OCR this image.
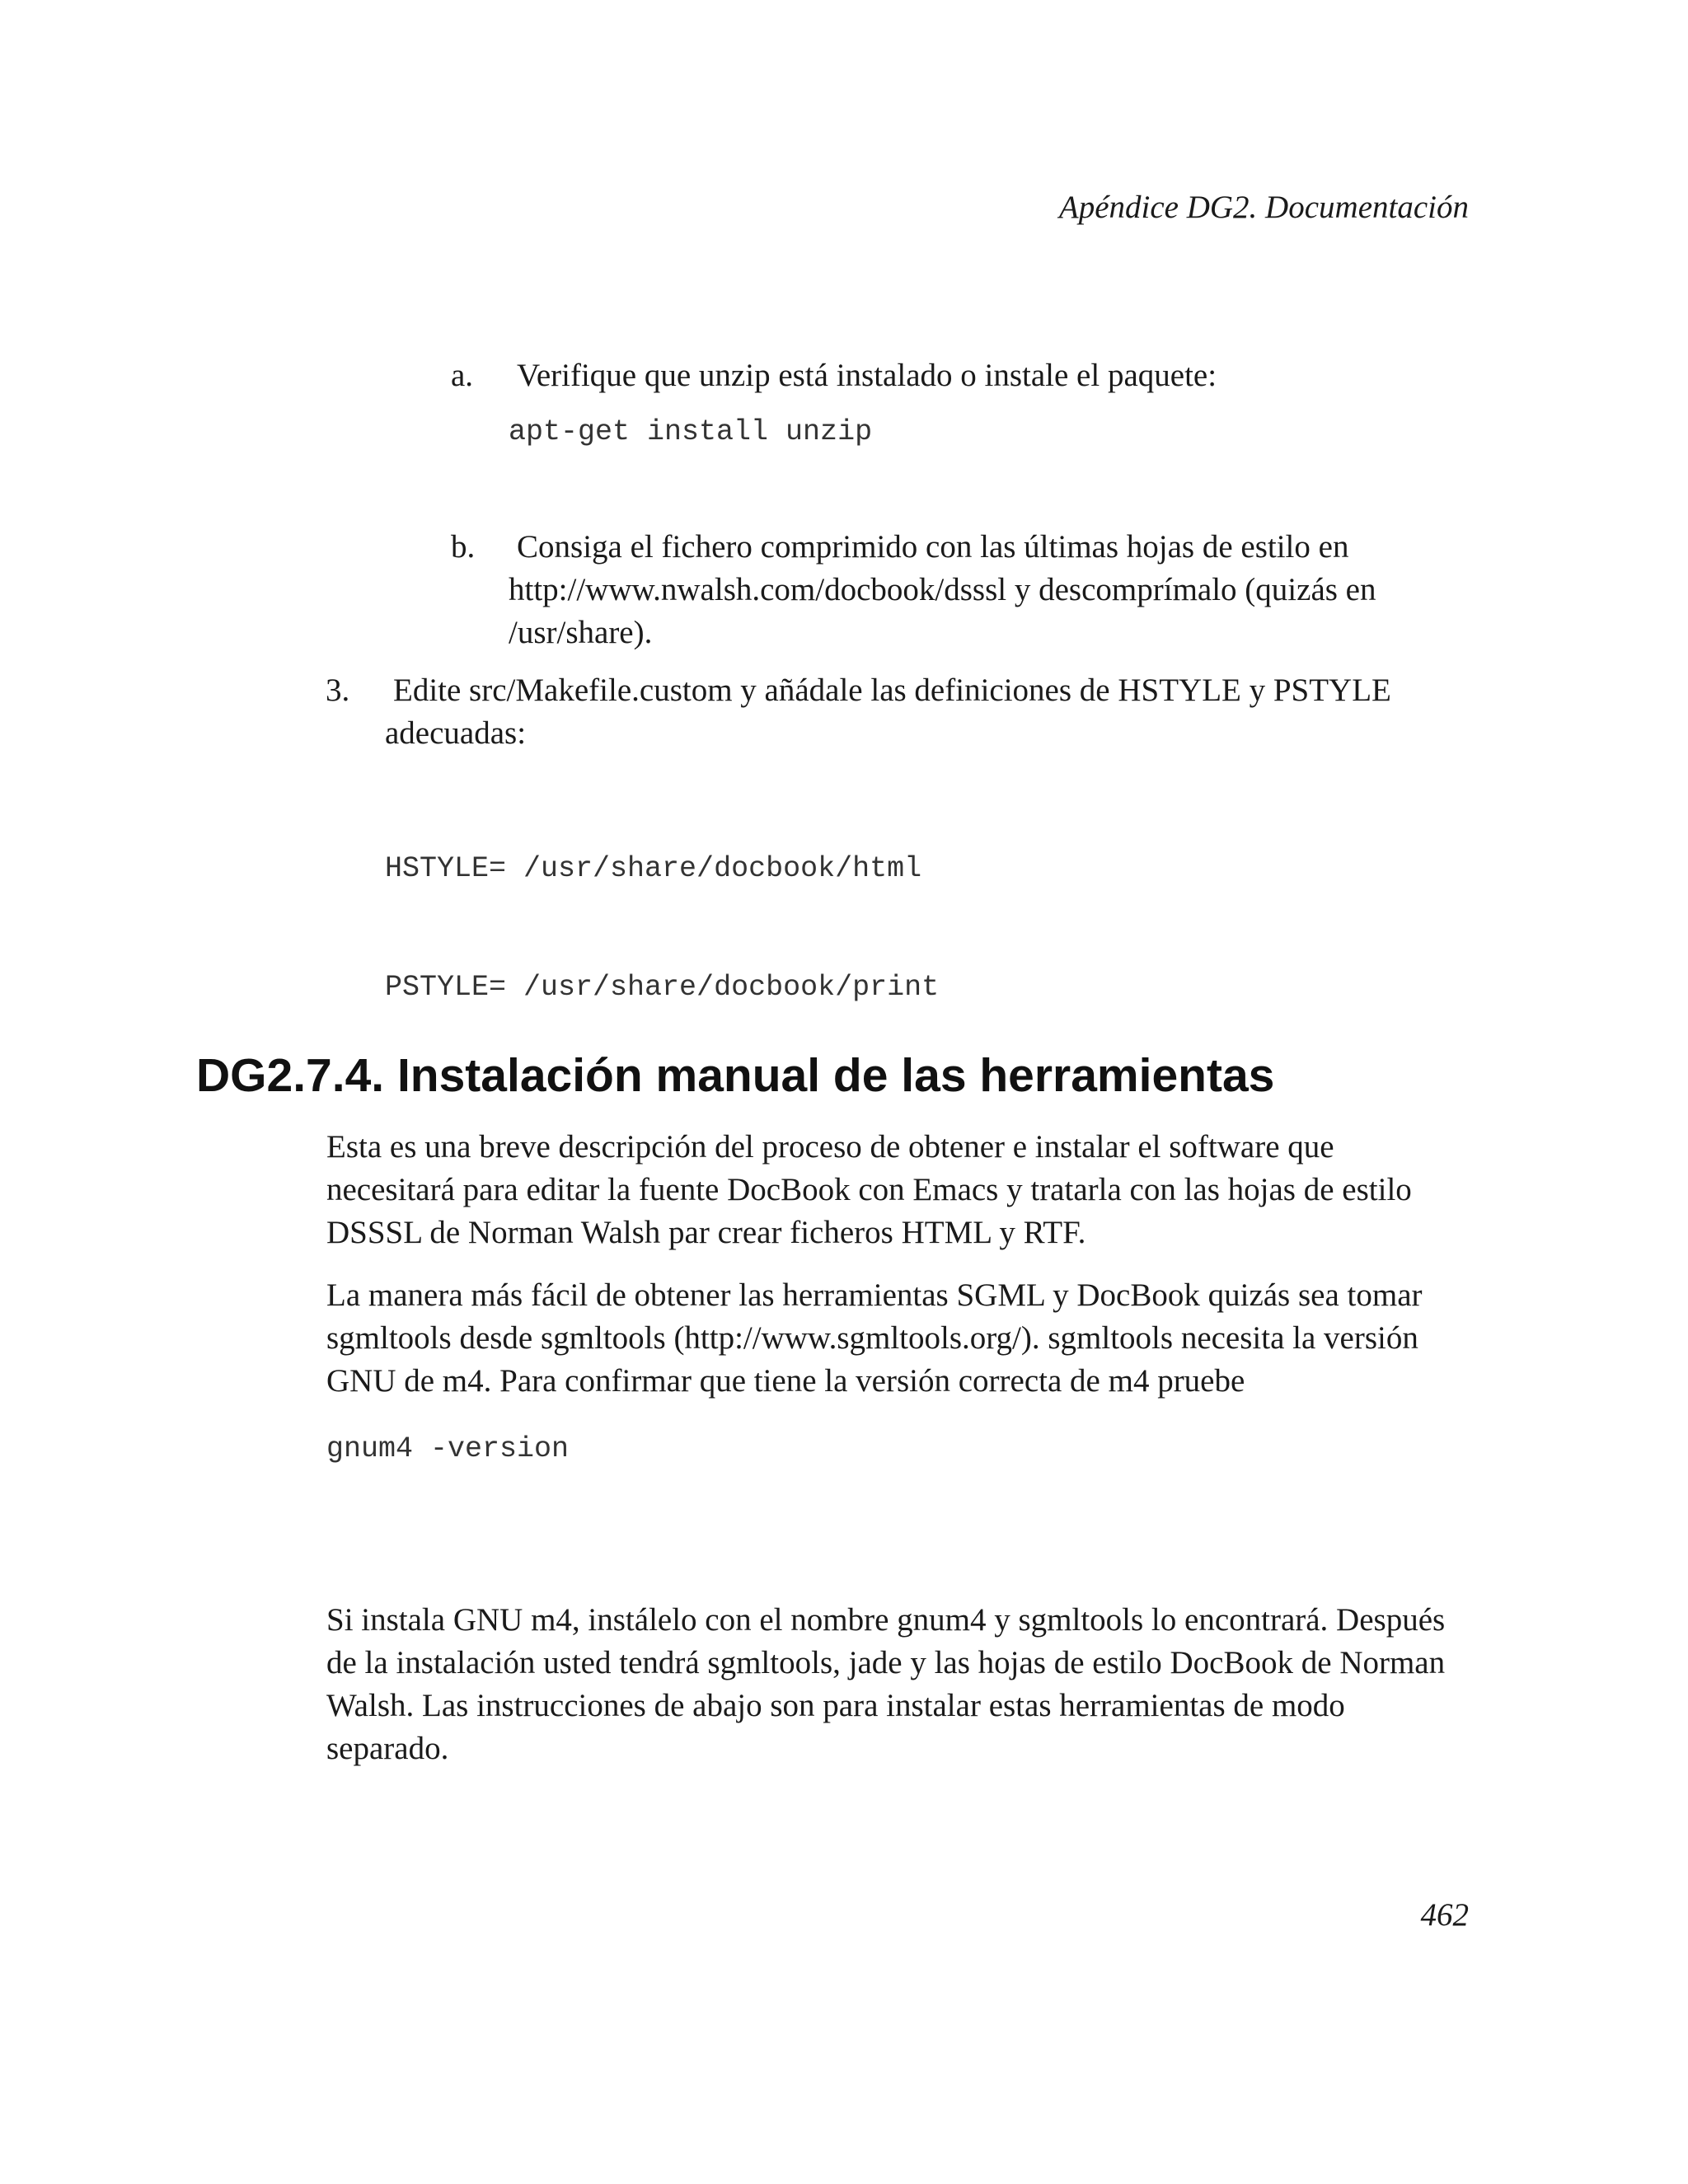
Apéndice DG2. Documentación
a. Verifique que unzip está instalado o instale el paquete:
apt-get install unzip
b. Consiga el fichero comprimido con las últimas hojas de estilo en
http://www.nwalsh.com/docbook/dsssl y descomprímalo (quizás en
/usr/share).
3. Edite src/Makefile.custom y añádale las definiciones de HSTYLE y PSTYLE
adecuadas:

HSTYLE= /usr/share/docbook/html

PSTYLE= /usr/share/docbook/print

DG2.7.4. Instalación manual de las herramientas
Esta es una breve descripción del proceso de obtener e instalar el software que
necesitará para editar la fuente DocBook con Emacs y tratarla con las hojas de estilo
DSSSL de Norman Walsh par crear ficheros HTML y RTF.
La manera más fácil de obtener las herramientas SGML y DocBook quizás sea tomar
sgmltools desde sgmltools (http://www.sgmltools.org/). sgmltools necesita la versión
GNU de m4. Para confirmar que tiene la versión correcta de m4 pruebe
gnum4 -version
Si instala GNU m4, instálelo con el nombre gnum4 y sgmltools lo encontrará. Después
de la instalación usted tendrá sgmltools, jade y las hojas de estilo DocBook de Norman
Walsh. Las instrucciones de abajo son para instalar estas herramientas de modo
separado.
462
